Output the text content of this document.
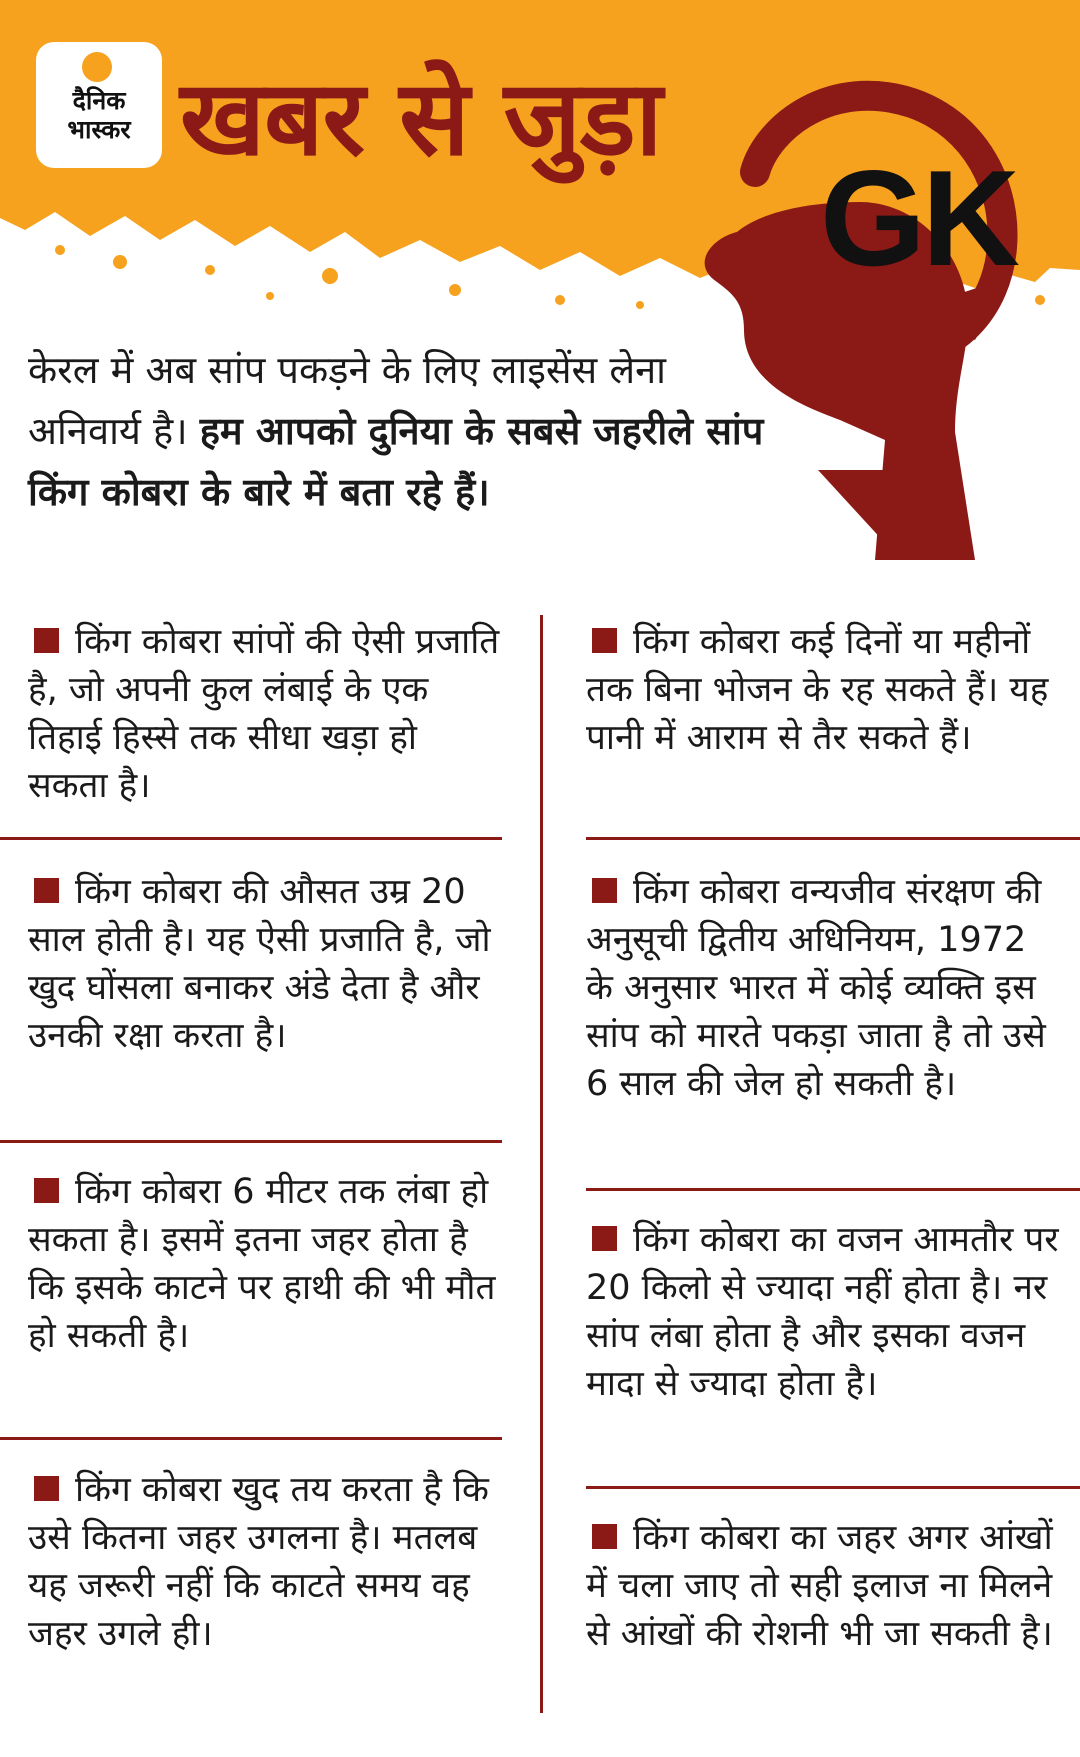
दैनिक
भास्कर खबर से जुड़ा
GK

केरल में अब सांप पकड़ने के लिए लाइसेंस लेना अनिवार्य है। हम आपको दुनिया के सबसे जहरीले सांप किंग कोबरा के बारे में बता रहे हैं।

किंग कोबरा सांपों की ऐसी प्रजाति है, जो अपनी कुल लंबाई के एक तिहाई हिस्से तक सीधा खड़ा हो सकता है।

किंग कोबरा की औसत उम्र 20 साल होती है। यह ऐसी प्रजाति है, जो खुद घोंसला बनाकर अंडे देता है और उनकी रक्षा करता है।

किंग कोबरा 6 मीटर तक लंबा हो सकता है। इसमें इतना जहर होता है कि इसके काटने पर हाथी की भी मौत हो सकती है।

किंग कोबरा खुद तय करता है कि उसे कितना जहर उगलना है। मतलब यह जरूरी नहीं कि काटते समय वह जहर उगले ही।

किंग कोबरा कई दिनों या महीनों तक बिना भोजन के रह सकते हैं। यह पानी में आराम से तैर सकते हैं।

किंग कोबरा वन्यजीव संरक्षण की अनुसूची द्वितीय अधिनियम, 1972 के अनुसार भारत में कोई व्यक्ति इस सांप को मारते पकड़ा जाता है तो उसे 6 साल की जेल हो सकती है।

किंग कोबरा का वजन आमतौर पर 20 किलो से ज्यादा नहीं होता है। नर सांप लंबा होता है और इसका वजन मादा से ज्यादा होता है।

किंग कोबरा का जहर अगर आंखों में चला जाए तो सही इलाज ना मिलने से आंखों की रोशनी भी जा सकती है।
